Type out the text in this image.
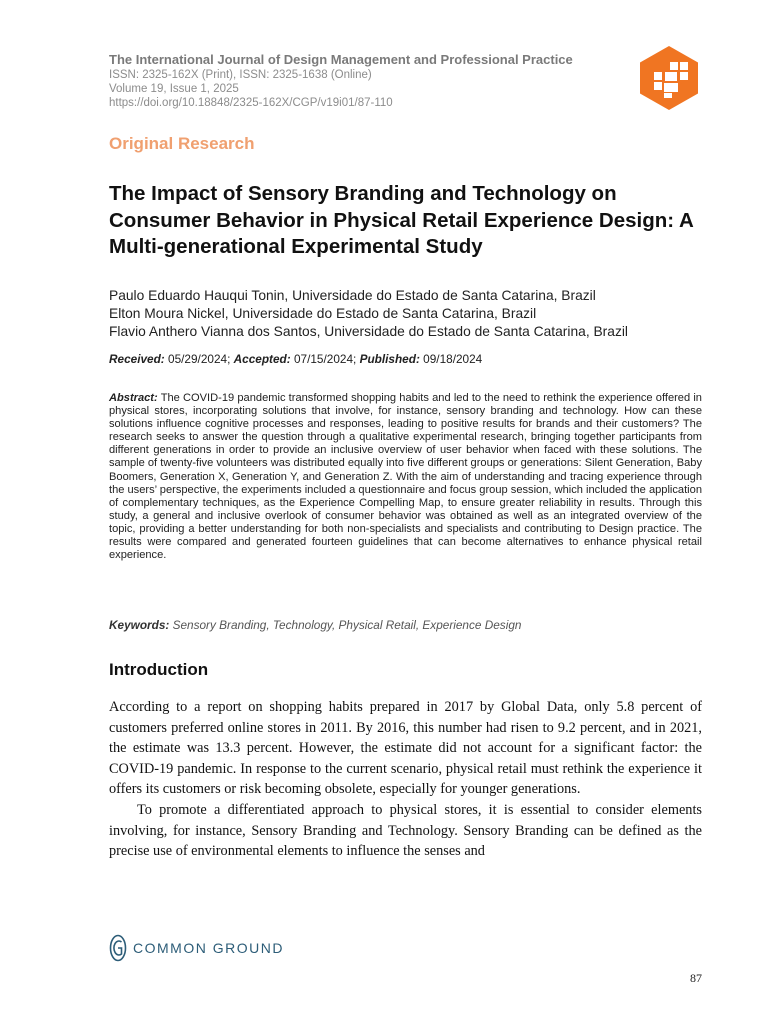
The International Journal of Design Management and Professional Practice
ISSN: 2325-162X (Print), ISSN: 2325-1638 (Online)
Volume 19, Issue 1, 2025
https://doi.org/10.18848/2325-162X/CGP/v19i01/87-110
Original Research
The Impact of Sensory Branding and Technology on Consumer Behavior in Physical Retail Experience Design: A Multi-generational Experimental Study
Paulo Eduardo Hauqui Tonin, Universidade do Estado de Santa Catarina, Brazil
Elton Moura Nickel, Universidade do Estado de Santa Catarina, Brazil
Flavio Anthero Vianna dos Santos, Universidade do Estado de Santa Catarina, Brazil
Received: 05/29/2024; Accepted: 07/15/2024; Published: 09/18/2024

Abstract: The COVID-19 pandemic transformed shopping habits and led to the need to rethink the experience offered in physical stores, incorporating solutions that involve, for instance, sensory branding and technology. How can these solutions influence cognitive processes and responses, leading to positive results for brands and their customers? The research seeks to answer the question through a qualitative experimental research, bringing together participants from different generations in order to provide an inclusive overview of user behavior when faced with these solutions. The sample of twenty-five volunteers was distributed equally into five different groups or generations: Silent Generation, Baby Boomers, Generation X, Generation Y, and Generation Z. With the aim of understanding and tracing experience through the users’ perspective, the experiments included a questionnaire and focus group session, which included the application of complementary techniques, as the Experience Compelling Map, to ensure greater reliability in results. Through this study, a general and inclusive overlook of consumer behavior was obtained as well as an integrated overview of the topic, providing a better understanding for both non-specialists and specialists and contributing to Design practice. The results were compared and generated fourteen guidelines that can become alternatives to enhance physical retail experience.

Keywords: Sensory Branding, Technology, Physical Retail, Experience Design
Introduction

According to a report on shopping habits prepared in 2017 by Global Data, only 5.8 percent of customers preferred online stores in 2011. By 2016, this number had risen to 9.2 percent, and in 2021, the estimate was 13.3 percent. However, the estimate did not account for a significant factor: the COVID-19 pandemic. In response to the current scenario, physical retail must rethink the experience it offers its customers or risk becoming obsolete, especially for younger generations.

To promote a differentiated approach to physical stores, it is essential to consider elements involving, for instance, Sensory Branding and Technology. Sensory Branding can be defined as the precise use of environmental elements to influence the senses and

COMMON GROUND
87
